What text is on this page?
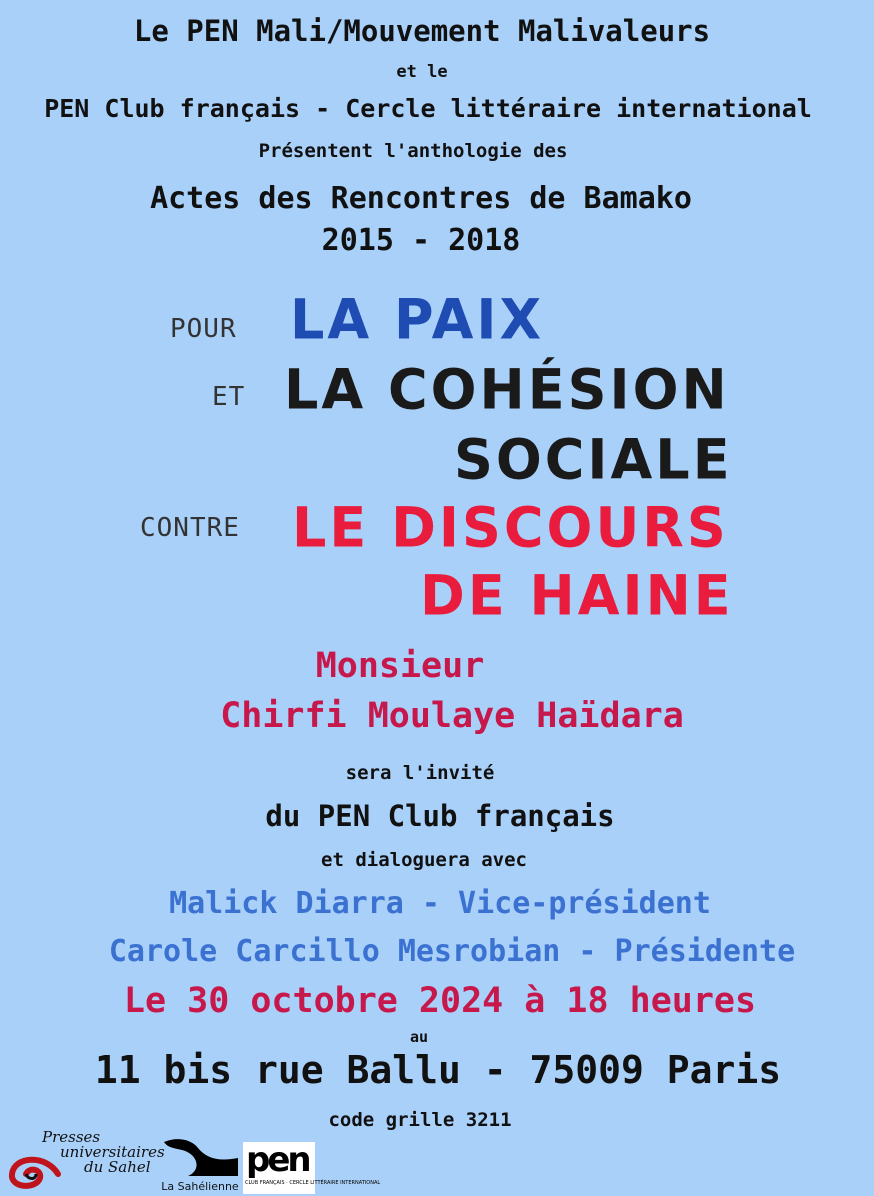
Le PEN Mali/Mouvement Malivaleurs
et le
PEN Club français - Cercle littéraire international
Présentent l'anthologie des
Actes des Rencontres de Bamako
2015 - 2018
POUR LA PAIX
ET LA COHÉSION
SOCIALE
CONTRE LE DISCOURS
DE HAINE
Monsieur
Chirfi Moulaye Haïdara
sera l'invité
du PEN Club français
et dialoguera avec
Malick Diarra - Vice-président
Carole Carcillo Mesrobian - Présidente
Le 30 octobre 2024 à 18 heures
au
11 bis rue Ballu - 75009 Paris
code grille 3211
Presses
universitaires
du Sahel
La Sahélienne
pen
CLUB FRANÇAIS · CERCLE LITTÉRAIRE INTERNATIONAL
